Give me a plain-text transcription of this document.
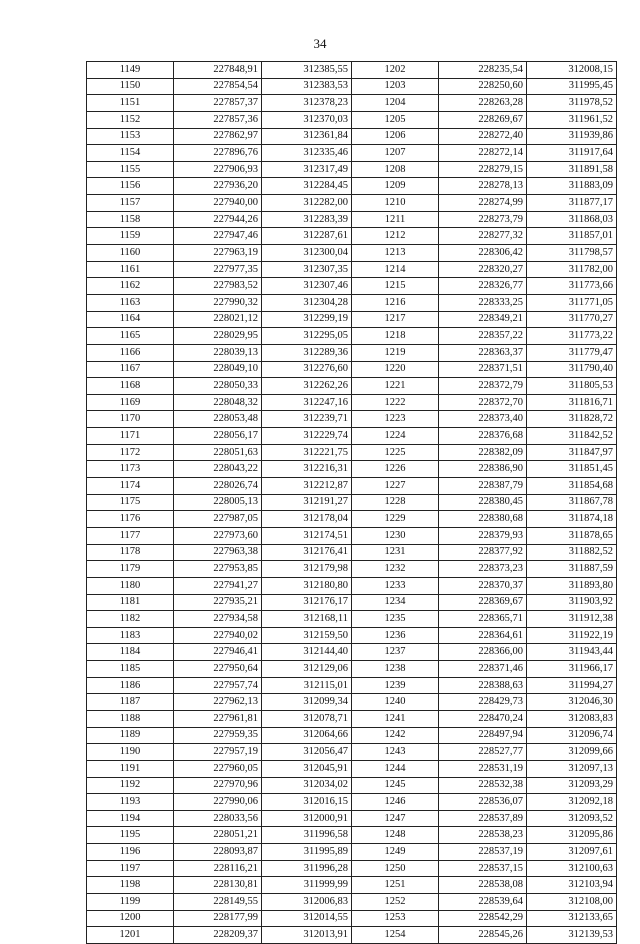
34
1149	227848,91	312385,55	1202	228235,54	312008,15
1150	227854,54	312383,53	1203	228250,60	311995,45
1151	227857,37	312378,23	1204	228263,28	311978,52
1152	227857,36	312370,03	1205	228269,67	311961,52
1153	227862,97	312361,84	1206	228272,40	311939,86
1154	227896,76	312335,46	1207	228272,14	311917,64
1155	227906,93	312317,49	1208	228279,15	311891,58
1156	227936,20	312284,45	1209	228278,13	311883,09
1157	227940,00	312282,00	1210	228274,99	311877,17
1158	227944,26	312283,39	1211	228273,79	311868,03
1159	227947,46	312287,61	1212	228277,32	311857,01
1160	227963,19	312300,04	1213	228306,42	311798,57
1161	227977,35	312307,35	1214	228320,27	311782,00
1162	227983,52	312307,46	1215	228326,77	311773,66
1163	227990,32	312304,28	1216	228333,25	311771,05
1164	228021,12	312299,19	1217	228349,21	311770,27
1165	228029,95	312295,05	1218	228357,22	311773,22
1166	228039,13	312289,36	1219	228363,37	311779,47
1167	228049,10	312276,60	1220	228371,51	311790,40
1168	228050,33	312262,26	1221	228372,79	311805,53
1169	228048,32	312247,16	1222	228372,70	311816,71
1170	228053,48	312239,71	1223	228373,40	311828,72
1171	228056,17	312229,74	1224	228376,68	311842,52
1172	228051,63	312221,75	1225	228382,09	311847,97
1173	228043,22	312216,31	1226	228386,90	311851,45
1174	228026,74	312212,87	1227	228387,79	311854,68
1175	228005,13	312191,27	1228	228380,45	311867,78
1176	227987,05	312178,04	1229	228380,68	311874,18
1177	227973,60	312174,51	1230	228379,93	311878,65
1178	227963,38	312176,41	1231	228377,92	311882,52
1179	227953,85	312179,98	1232	228373,23	311887,59
1180	227941,27	312180,80	1233	228370,37	311893,80
1181	227935,21	312176,17	1234	228369,67	311903,92
1182	227934,58	312168,11	1235	228365,71	311912,38
1183	227940,02	312159,50	1236	228364,61	311922,19
1184	227946,41	312144,40	1237	228366,00	311943,44
1185	227950,64	312129,06	1238	228371,46	311966,17
1186	227957,74	312115,01	1239	228388,63	311994,27
1187	227962,13	312099,34	1240	228429,73	312046,30
1188	227961,81	312078,71	1241	228470,24	312083,83
1189	227959,35	312064,66	1242	228497,94	312096,74
1190	227957,19	312056,47	1243	228527,77	312099,66
1191	227960,05	312045,91	1244	228531,19	312097,13
1192	227970,96	312034,02	1245	228532,38	312093,29
1193	227990,06	312016,15	1246	228536,07	312092,18
1194	228033,56	312000,91	1247	228537,89	312093,52
1195	228051,21	311996,58	1248	228538,23	312095,86
1196	228093,87	311995,89	1249	228537,19	312097,61
1197	228116,21	311996,28	1250	228537,15	312100,63
1198	228130,81	311999,99	1251	228538,08	312103,94
1199	228149,55	312006,83	1252	228539,64	312108,00
1200	228177,99	312014,55	1253	228542,29	312133,65
1201	228209,37	312013,91	1254	228545,26	312139,53
